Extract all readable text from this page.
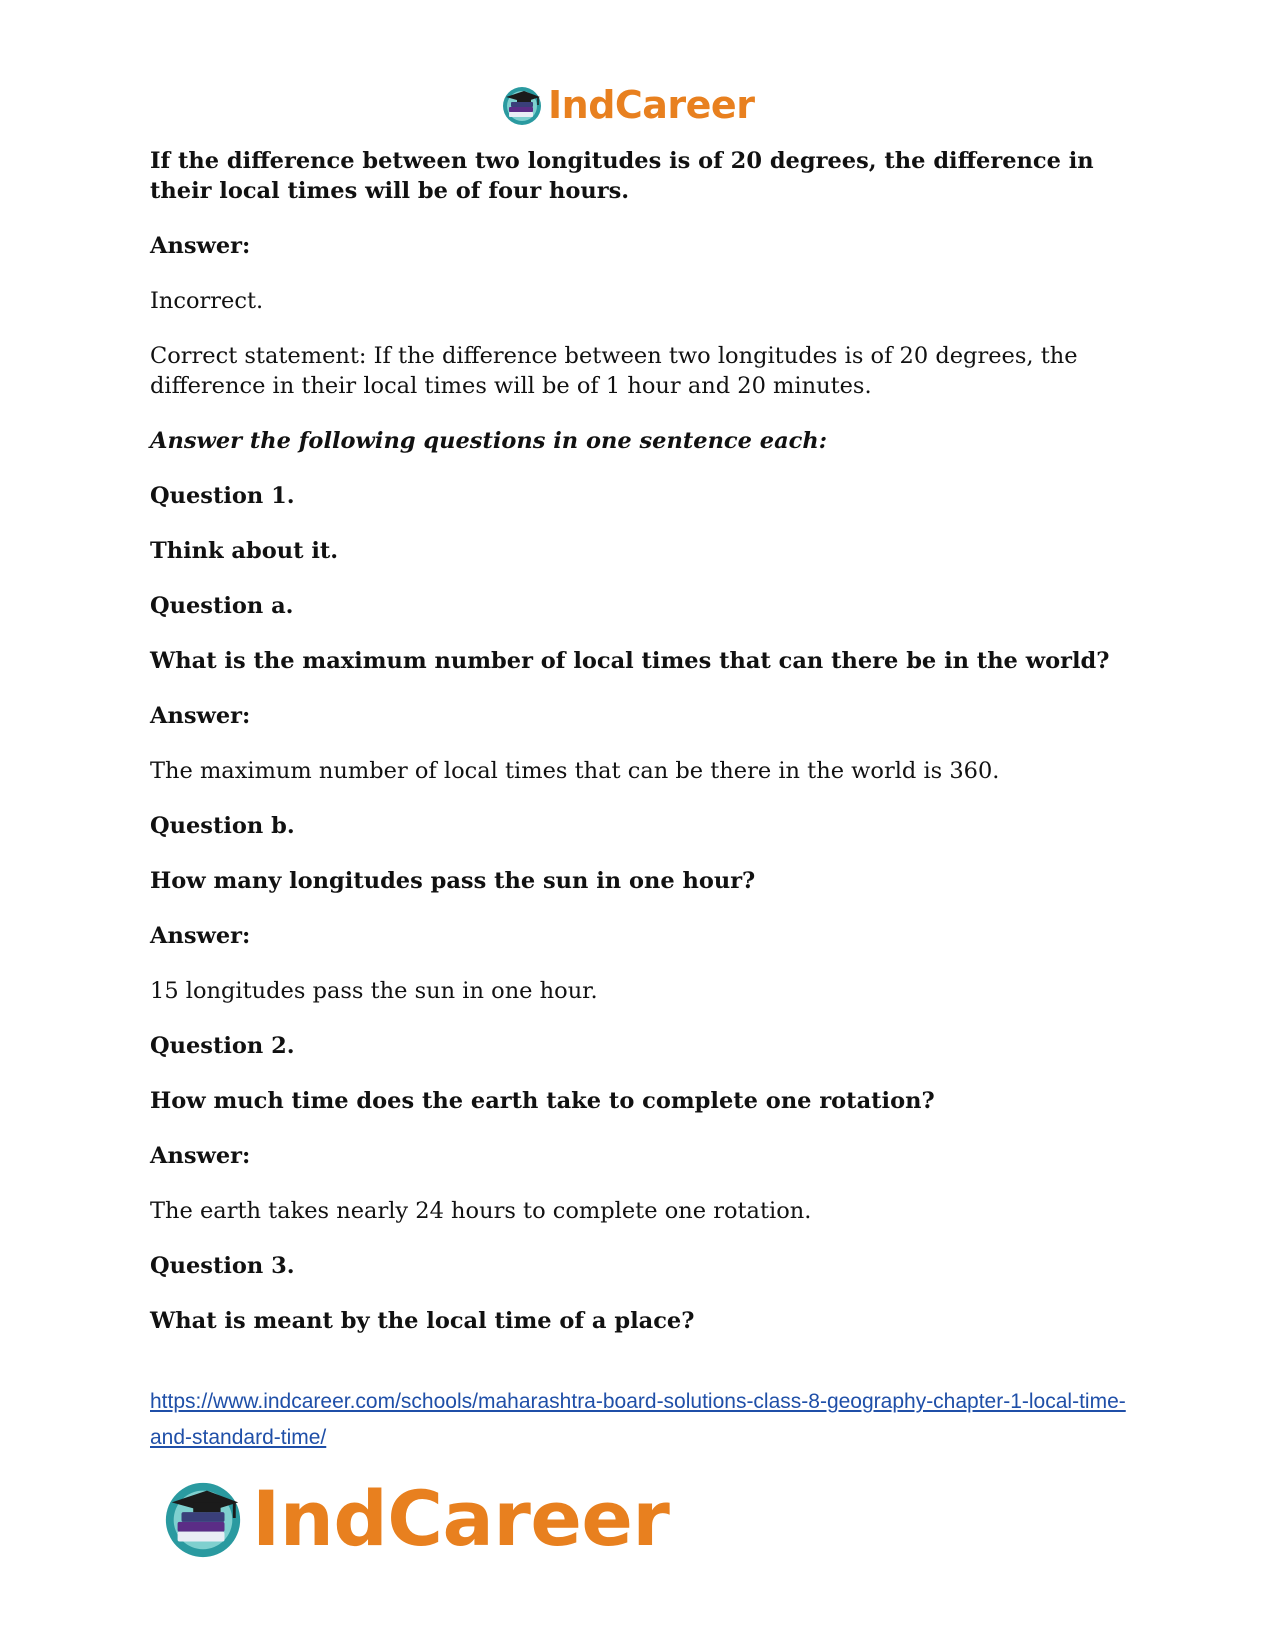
IndCareer

If the difference between two longitudes is of 20 degrees, the difference in their local times will be of four hours.

Answer:

Incorrect.

Correct statement: If the difference between two longitudes is of 20 degrees, the difference in their local times will be of 1 hour and 20 minutes.

Answer the following questions in one sentence each:

Question 1.

Think about it.

Question a.

What is the maximum number of local times that can there be in the world?

Answer:

The maximum number of local times that can be there in the world is 360.

Question b.

How many longitudes pass the sun in one hour?

Answer:

15 longitudes pass the sun in one hour.

Question 2.

How much time does the earth take to complete one rotation?

Answer:

The earth takes nearly 24 hours to complete one rotation.

Question 3.

What is meant by the local time of a place?

https://www.indcareer.com/schools/maharashtra-board-solutions-class-8-geography-chapter-1-local-time-and-standard-time/
IndCareer
